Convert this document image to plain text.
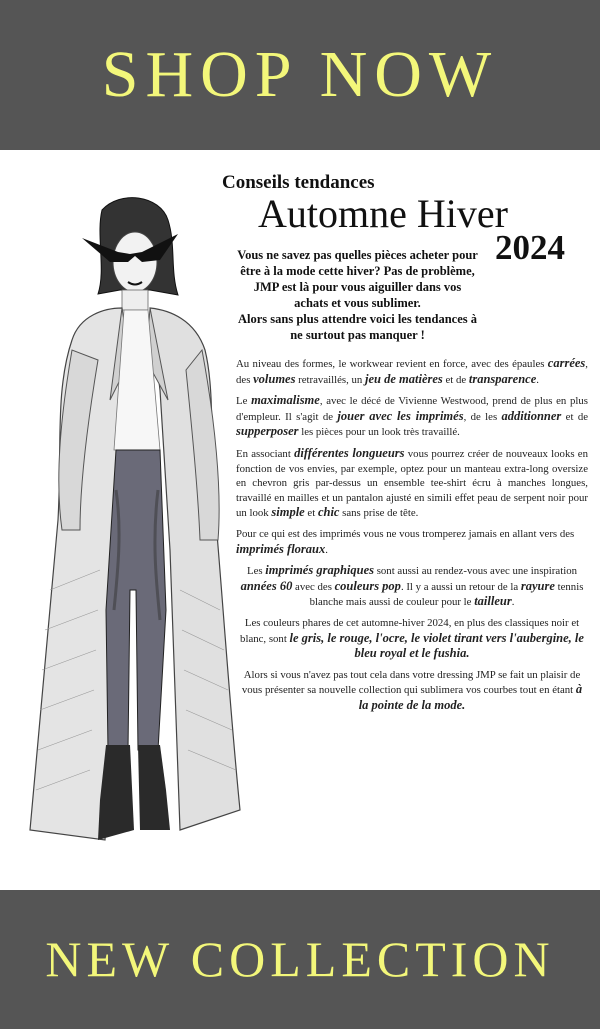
SHOP NOW
Conseils tendances
Automne Hiver
2024
Vous ne savez pas quelles pièces acheter pour
être à la mode cette hiver? Pas de problème,
JMP est là pour vous aiguiller dans vos
achats et vous sublimer.
Alors sans plus attendre voici les tendances à
ne surtout pas manquer !

Au niveau des formes, le workwear revient en force, avec des épaules carrées, des volumes retravaillés, un jeu de matières et de transparence.

Le maximalisme, avec le décé de Vivienne Westwood, prend de plus en plus d'empleur. Il s'agit de jouer avec les imprimés, de les additionner et de supperposer les pièces pour un look très travaillé.

En associant différentes longueurs vous pourrez créer de nouveaux looks en fonction de vos envies, par exemple, optez pour un manteau extra-long oversize en chevron gris par-dessus un ensemble tee-shirt écru à manches longues, travaillé en mailles et un pantalon ajusté en simili effet peau de serpent noir pour un look simple et chic sans prise de tête.

Pour ce qui est des imprimés vous ne vous tromperez jamais en allant vers des imprimés floraux.

Les imprimés graphiques sont aussi au rendez-vous avec une inspiration années 60 avec des couleurs pop. Il y a aussi un retour de la rayure tennis blanche mais aussi de couleur pour le tailleur.

Les couleurs phares de cet automne-hiver 2024, en plus des classiques noir et blanc, sont le gris, le rouge, l'ocre, le violet tirant vers l'aubergine, le bleu royal et le fushia.

Alors si vous n'avez pas tout cela dans votre dressing JMP se fait un plaisir de vous présenter sa nouvelle collection qui sublimera vos courbes tout en étant à la pointe de la mode.

NEW COLLECTION
